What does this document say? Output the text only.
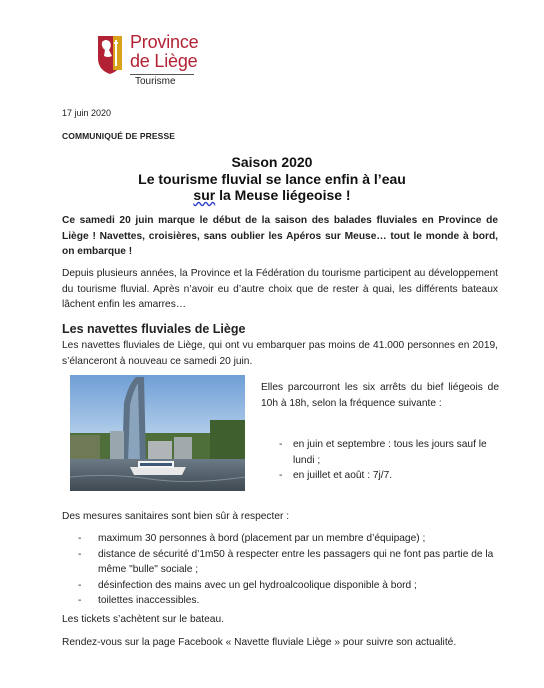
Province
de Liège
Tourisme
17 juin 2020
COMMUNIQUÉ DE PRESSE
Saison 2020
Le tourisme fluvial se lance enfin à l’eau
sur la Meuse liégeoise !

Ce samedi 20 juin marque le début de la saison des balades fluviales en Province de Liège ! Navettes, croisières, sans oublier les Apéros sur Meuse… tout le monde à bord, on embarque !

Depuis plusieurs années, la Province et la Fédération du tourisme participent au développement du tourisme fluvial. Après n’avoir eu d’autre choix que de rester à quai, les différents bateaux lâchent enfin les amarres…

Les navettes fluviales de Liège

Les navettes fluviales de Liège, qui ont vu embarquer pas moins de 41.000 personnes en 2019, s’élanceront à nouveau ce samedi 20 juin.

Elles parcourront les six arrêts du bief liégeois de 10h à 18h, selon la fréquence suivante :

- en juin et septembre : tous les jours sauf le lundi ;
- en juillet et août : 7j/7.

Des mesures sanitaires sont bien sûr à respecter :

- maximum 30 personnes à bord (placement par un membre d’équipage) ;
- distance de sécurité d’1m50 à respecter entre les passagers qui ne font pas partie de la même "bulle" sociale ;
- désinfection des mains avec un gel hydroalcoolique disponible à bord ;
- toilettes inaccessibles.

Les tickets s’achètent sur le bateau.

Rendez-vous sur la page Facebook « Navette fluviale Liège » pour suivre son actualité.
